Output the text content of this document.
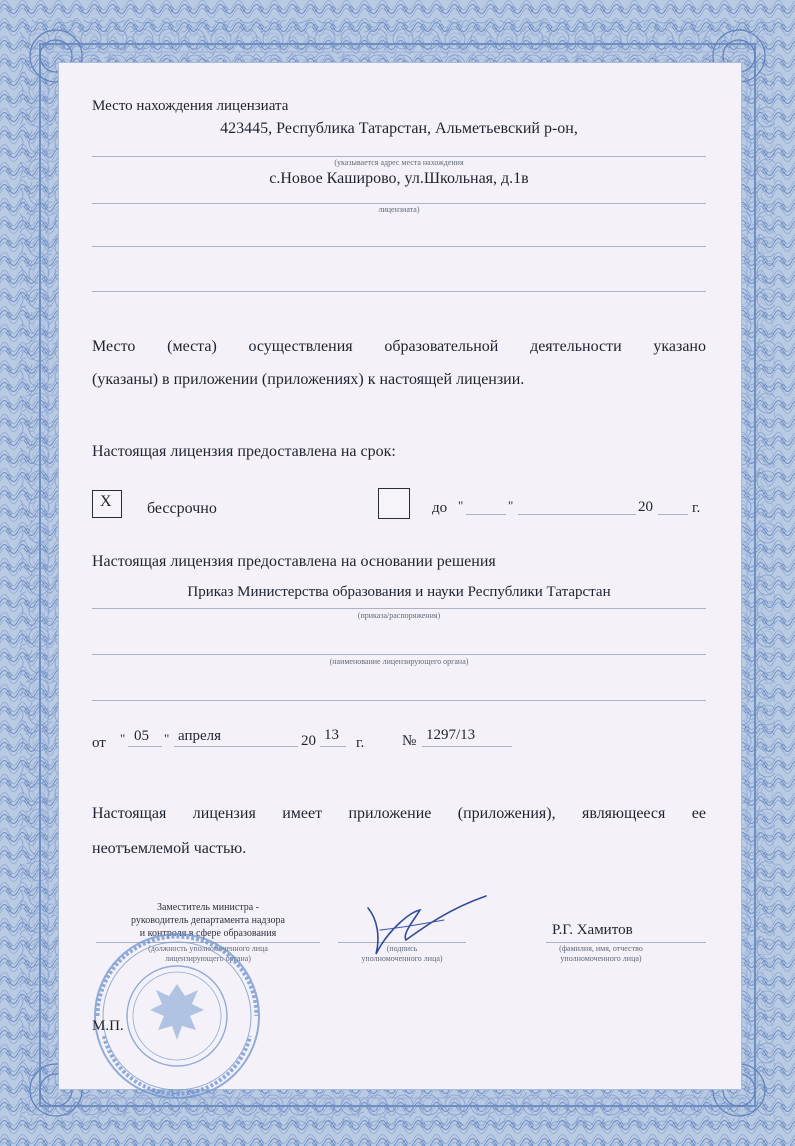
Место нахождения лицензиата
423445, Республика Татарстан, Альметьевский р-он,
(указывается адрес места нахождения
с.Новое Каширово, ул.Школьная, д.1в
лицензиата)
Место (места) осуществления образовательной деятельности указано
(указаны) в приложении (приложениях) к настоящей лицензии.
Настоящая лицензия предоставлена на срок:
X бессрочно	до "	"	20	г.
Настоящая лицензия предоставлена на основании решения
Приказ Министерства образования и науки Республики Татарстан
(приказа/распоряжения)
(наименование лицензирующего органа)
от " 05 " апреля	20 13 г.	№ 1297/13
Настоящая лицензия имеет приложение (приложения), являющееся ее
неотъемлемой частью.
Заместитель министра -
руководитель департамента надзора
и контроля в сфере образования
(должность уполномоченного лица
лицензирующего органа)
(подпись
уполномоченного лица)
Р.Г. Хамитов
(фамилия, имя, отчество
уполномоченного лица)
М.П.
